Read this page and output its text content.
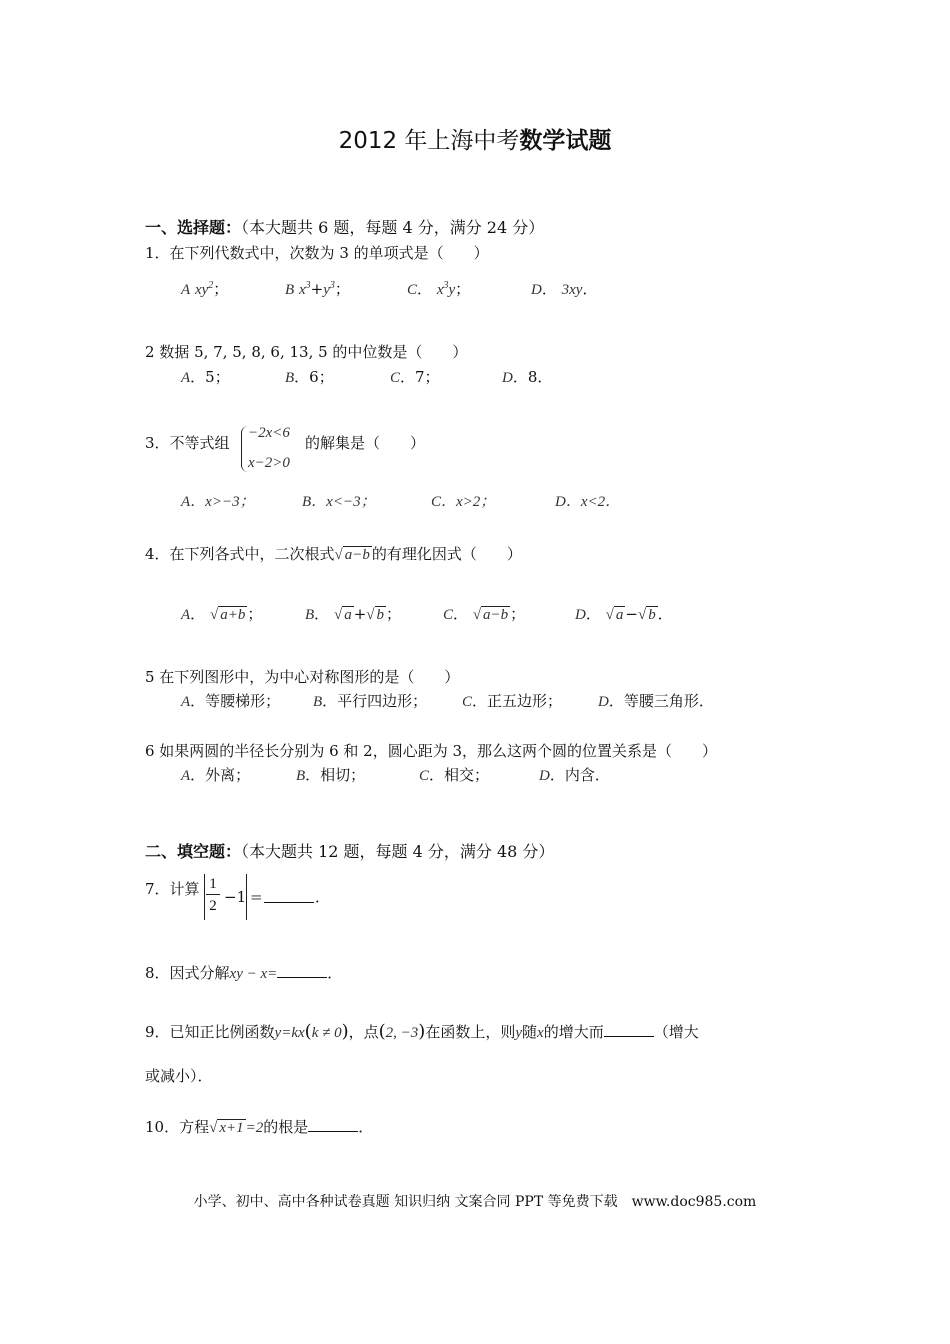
2012 年上海中考数学试题
一、选择题：（本大题共 6 题，每题 4 分，满分 24 分）
1．在下列代数式中，次数为 3 的单项式是（　　）
A $xy^2$；	B $x^3+y^3$；	C． $x^3y$；	D． 3xy．
2 数据 5, 7, 5, 8, 6, 13, 5 的中位数是（　　）
A．5；	B．6；	C．7；	D．8．
3．不等式组
−2x<6
x−2>0
的解集是（　　）
A．x>−3；	B．x<−3；	C．x>2；	D．x<2．
4．在下列各式中，二次根式√ a−b 的有理化因式（　　）
A． √ a+b ；	B． √ a +√ b ；	C． √ a−b ；	D． √ a −√ b ．
5 在下列图形中，为中心对称图形的是（　　）
A．等腰梯形； B．平行四边形； C．正五边形； D．等腰三角形．
6 如果两圆的半径长分别为 6 和 2，圆心距为 3，那么这两个圆的位置关系是（　　）
A．外离；	B．相切；	C．相交；	D．内含．
二、填空题：（本大题共 12 题，每题 4 分，满分 48 分）
7．计算 $\frac{1}{2} -1$ =	．
8．因式分解xy − x=	．
9．已知正比例函数y=kx(k ≠ 0)，点(2, −3)在函数上，则y随x的增大而	（增大
或减小）．
10．方程√ x+1 =2的根是	．
小学、初中、高中各种试卷真题 知识归纳 文案合同 PPT 等免费下载　www.doc985.com
